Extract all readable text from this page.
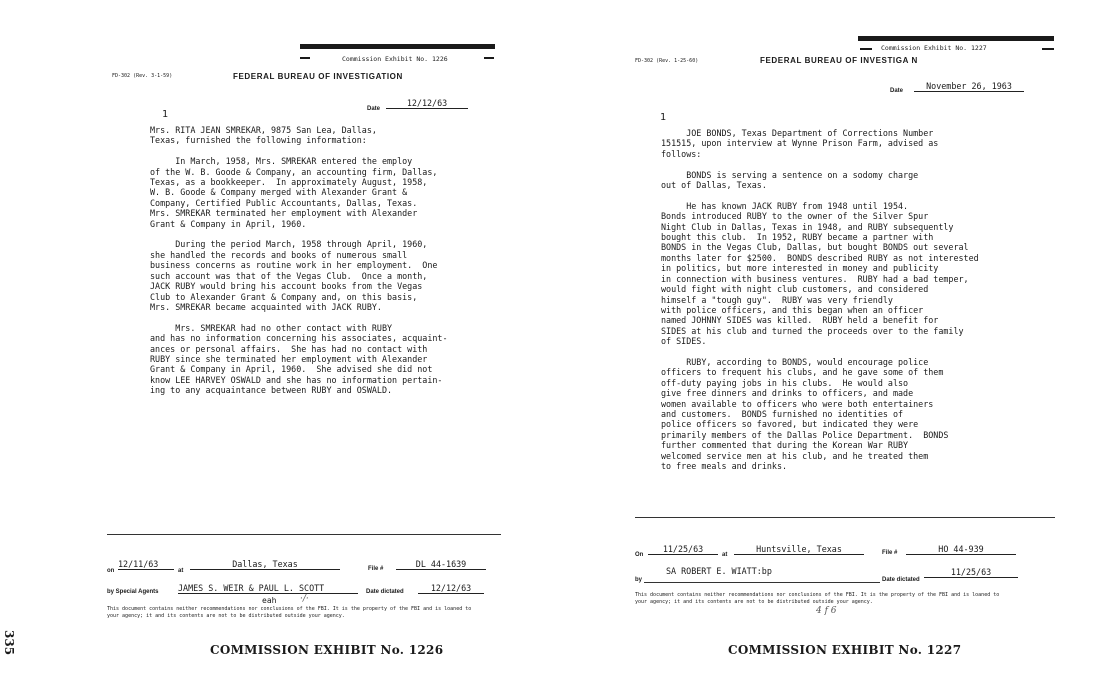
Commission Exhibit No. 1226
FD-302 (Rev. 3-1-59)	FEDERAL BUREAU OF INVESTIGATION
Date
12/12/63
1
Mrs. RITA JEAN SMREKAR, 9875 San Lea, Dallas,
Texas, furnished the following information:

In March, 1958, Mrs. SMREKAR entered the employ
of the W. B. Goode & Company, an accounting firm, Dallas,
Texas, as a bookkeeper.  In approximately August, 1958,
W. B. Goode & Company merged with Alexander Grant &
Company, Certified Public Accountants, Dallas, Texas.
Mrs. SMREKAR terminated her employment with Alexander
Grant & Company in April, 1960.

During the period March, 1958 through April, 1960,
she handled the records and books of numerous small
business concerns as routine work in her employment.  One
such account was that of the Vegas Club.  Once a month,
JACK RUBY would bring his account books from the Vegas
Club to Alexander Grant & Company and, on this basis,
Mrs. SMREKAR became acquainted with JACK RUBY.

Mrs. SMREKAR had no other contact with RUBY
and has no information concerning his associates, acquaint-
ances or personal affairs.  She has had no contact with
RUBY since she terminated her employment with Alexander
Grant & Company in April, 1960.  She advised she did not
know LEE HARVEY OSWALD and she has no information pertain-
ing to any acquaintance between RUBY and OSWALD.
on
12/11/63
at
Dallas, Texas	File #	DL 44-1639
by Special Agents JAMES S. WEIR & PAUL L. SCOTT
eah	·/·
Date dictated	12/12/63
This document contains neither recommendations nor conclusions of the FBI. It is the property of the FBI and is loaned to
your agency; it and its contents are not to be distributed outside your agency.
COMMISSION EXHIBIT No. 1226
Commission Exhibit No. 1227
FD-302 (Rev. 1-25-60)	FEDERAL BUREAU OF INVESTIGA N
Date	November 26, 1963
1
JOE BONDS, Texas Department of Corrections Number
151515, upon interview at Wynne Prison Farm, advised as
follows:

BONDS is serving a sentence on a sodomy charge
out of Dallas, Texas.

He has known JACK RUBY from 1948 until 1954.
Bonds introduced RUBY to the owner of the Silver Spur
Night Club in Dallas, Texas in 1948, and RUBY subsequently
bought this club.  In 1952, RUBY became a partner with
BONDS in the Vegas Club, Dallas, but bought BONDS out several
months later for $2500.  BONDS described RUBY as not interested
in politics, but more interested in money and publicity
in connection with business ventures.  RUBY had a bad temper,
would fight with night club customers, and considered
himself a "tough guy".  RUBY was very friendly
with police officers, and this began when an officer
named JOHNNY SIDES was killed.  RUBY held a benefit for
SIDES at his club and turned the proceeds over to the family
of SIDES.

RUBY, according to BONDS, would encourage police
officers to frequent his clubs, and he gave some of them
off-duty paying jobs in his clubs.  He would also
give free dinners and drinks to officers, and made
women available to officers who were both entertainers
and customers.  BONDS furnished no identities of
police officers so favored, but indicated they were
primarily members of the Dallas Police Department.  BONDS
further commented that during the Korean War RUBY
welcomed service men at his club, and he treated them
to free meals and drinks.
On
11/25/63
at
Huntsville, Texas	File #	HO 44-939
by
SA ROBERT E. WIATT:bp
Date dictated
11/25/63
This document contains neither recommendations nor conclusions of the FBI. It is the property of the FBI and is loaned to
your agency; it and its contents are not to be distributed outside your agency.
4 f 6
COMMISSION EXHIBIT No. 1227
335
